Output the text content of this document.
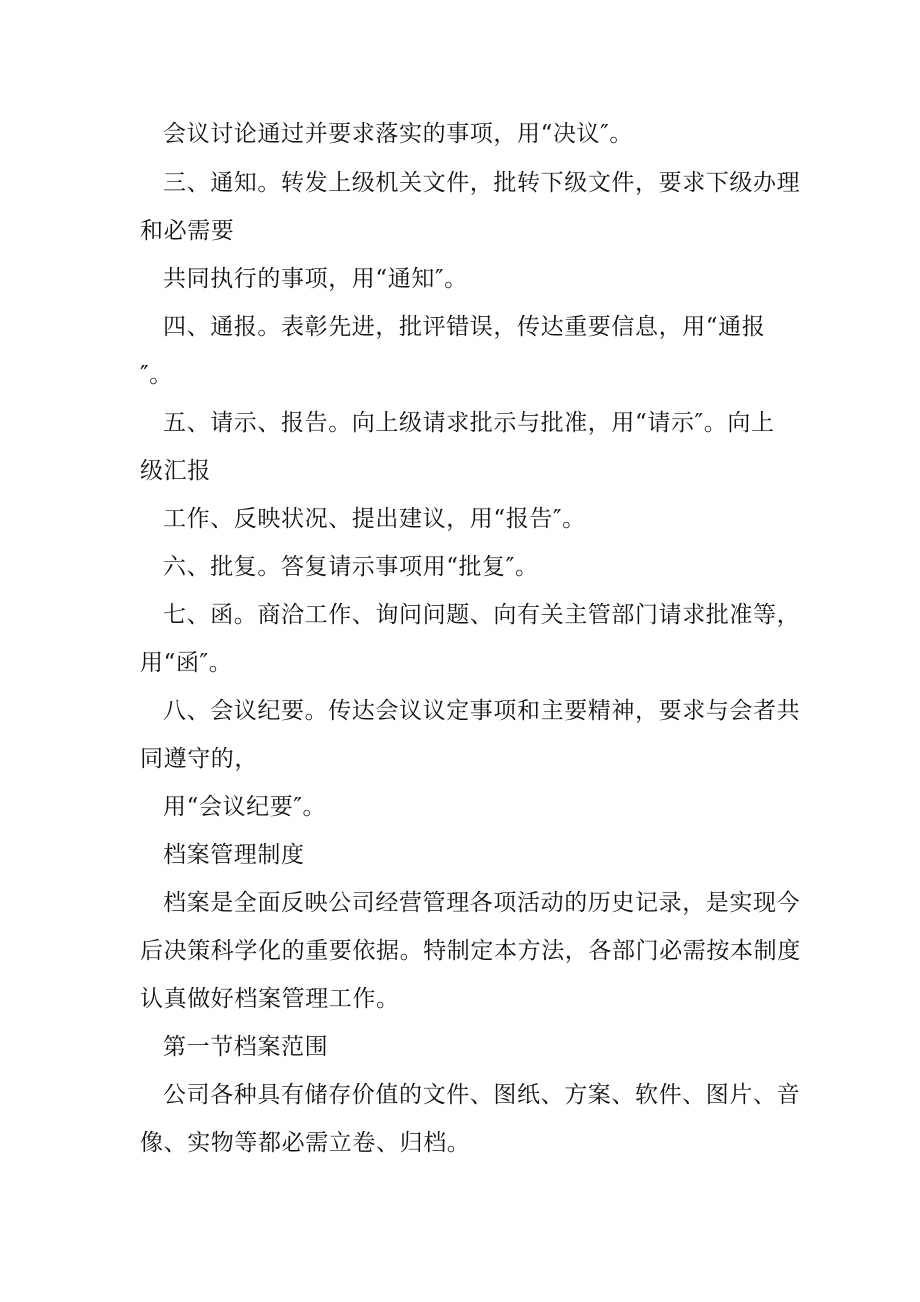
会议讨论通过并要求落实的事项，用“决议″。
三、通知。转发上级机关文件，批转下级文件，要求下级办理
和必需要
共同执行的事项，用“通知″。
四、通报。表彰先进，批评错误，传达重要信息，用“通报
″。
五、请示、报告。向上级请求批示与批准，用“请示″。向上
级汇报
工作、反映状况、提出建议，用“报告″。
六、批复。答复请示事项用“批复″。
七、函。商洽工作、询问问题、向有关主管部门请求批准等，
用“函″。
八、会议纪要。传达会议议定事项和主要精神，要求与会者共
同遵守的，
用“会议纪要″。
档案管理制度
档案是全面反映公司经营管理各项活动的历史记录，是实现今
后决策科学化的重要依据。特制定本方法，各部门必需按本制度
认真做好档案管理工作。
第一节档案范围
公司各种具有储存价值的文件、图纸、方案、软件、图片、音
像、实物等都必需立卷、归档。
